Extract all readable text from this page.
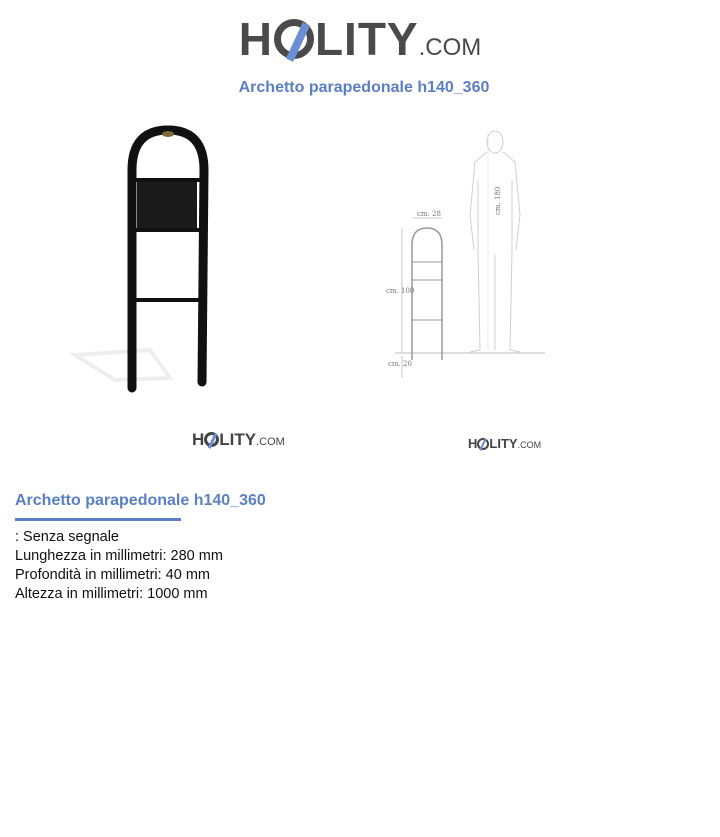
H LITY.COM
Archetto parapedonale h140_360
cm. 28
cm. 100
cm. 20
cm. 180
H LITY.COM	H LITY.COM
Archetto parapedonale h140_360
: Senza segnale
Lunghezza in millimetri: 280 mm
Profondità in millimetri: 40 mm
Altezza in millimetri: 1000 mm
